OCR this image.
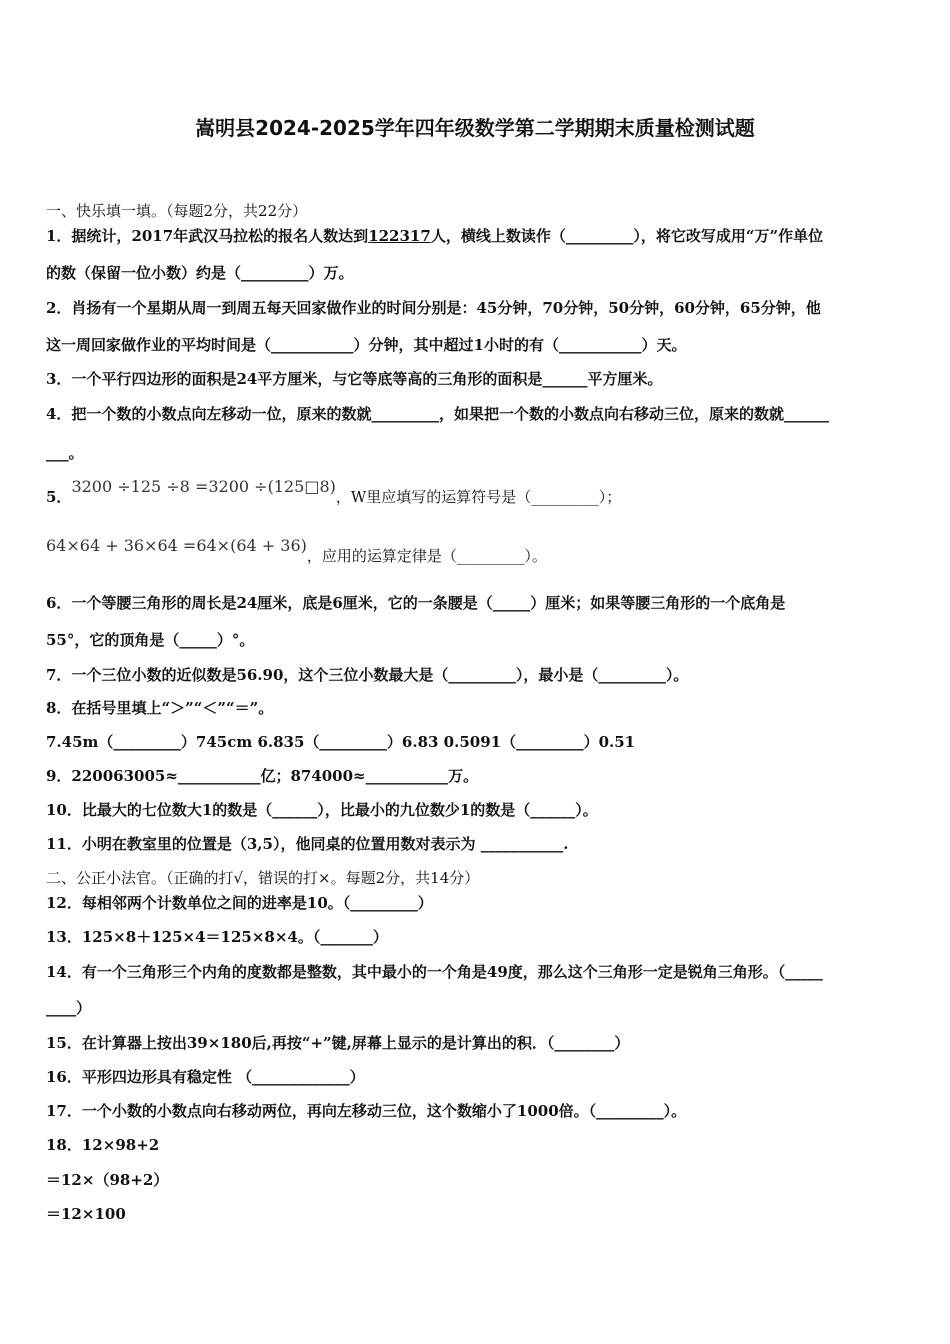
嵩明县2024-2025学年四年级数学第二学期期末质量检测试题
一、快乐填一填。（每题2分，共22分）
1．据统计，2017年武汉马拉松的报名人数达到122317人，横线上数读作（_________），将它改写成用“万”作单位
的数（保留一位小数）约是（_________）万。
2．肖扬有一个星期从周一到周五每天回家做作业的时间分别是：45分钟，70分钟，50分钟，60分钟，65分钟，他
这一周回家做作业的平均时间是（___________）分钟，其中超过1小时的有（___________）天。
3．一个平行四边形的面积是24平方厘米，与它等底等高的三角形的面积是______平方厘米。
4．把一个数的小数点向左移动一位，原来的数就_________，如果把一个数的小数点向右移动三位，原来的数就______
___。
5．3200 ÷125 ÷8 =3200 ÷(125□8)，W里应填写的运算符号是（_________）；
64×64 + 36×64 =64×(64 + 36)，应用的运算定律是（_________）。
6．一个等腰三角形的周长是24厘米，底是6厘米，它的一条腰是（_____）厘米；如果等腰三角形的一个底角是
55°，它的顶角是（_____）°。
7．一个三位小数的近似数是56.90，这个三位小数最大是（_________），最小是（_________）。
8．在括号里填上“＞”“＜”“＝”。
7.45m（_________）745cm 6.835（_________）6.83 0.5091（_________）0.51
9．220063005≈___________亿；874000≈___________万。
10．比最大的七位数大1的数是（______），比最小的九位数少1的数是（______）。
11．小明在教室里的位置是（3,5），他同桌的位置用数对表示为 ___________.
二、公正小法官。（正确的打√，错误的打×。每题2分，共14分）
12．每相邻两个计数单位之间的进率是10。（_________）
13．125×8＋125×4＝125×8×4。（_______）
14．有一个三角形三个内角的度数都是整数，其中最小的一个角是49度，那么这个三角形一定是锐角三角形。（_____
____）
15．在计算器上按出39×180后,再按“+”键,屏幕上显示的是计算出的积．（________）
16．平形四边形具有稳定性 （_____________）
17．一个小数的小数点向右移动两位，再向左移动三位，这个数缩小了1000倍。（_________）。
18．12×98+2
＝12×（98+2）
＝12×100
